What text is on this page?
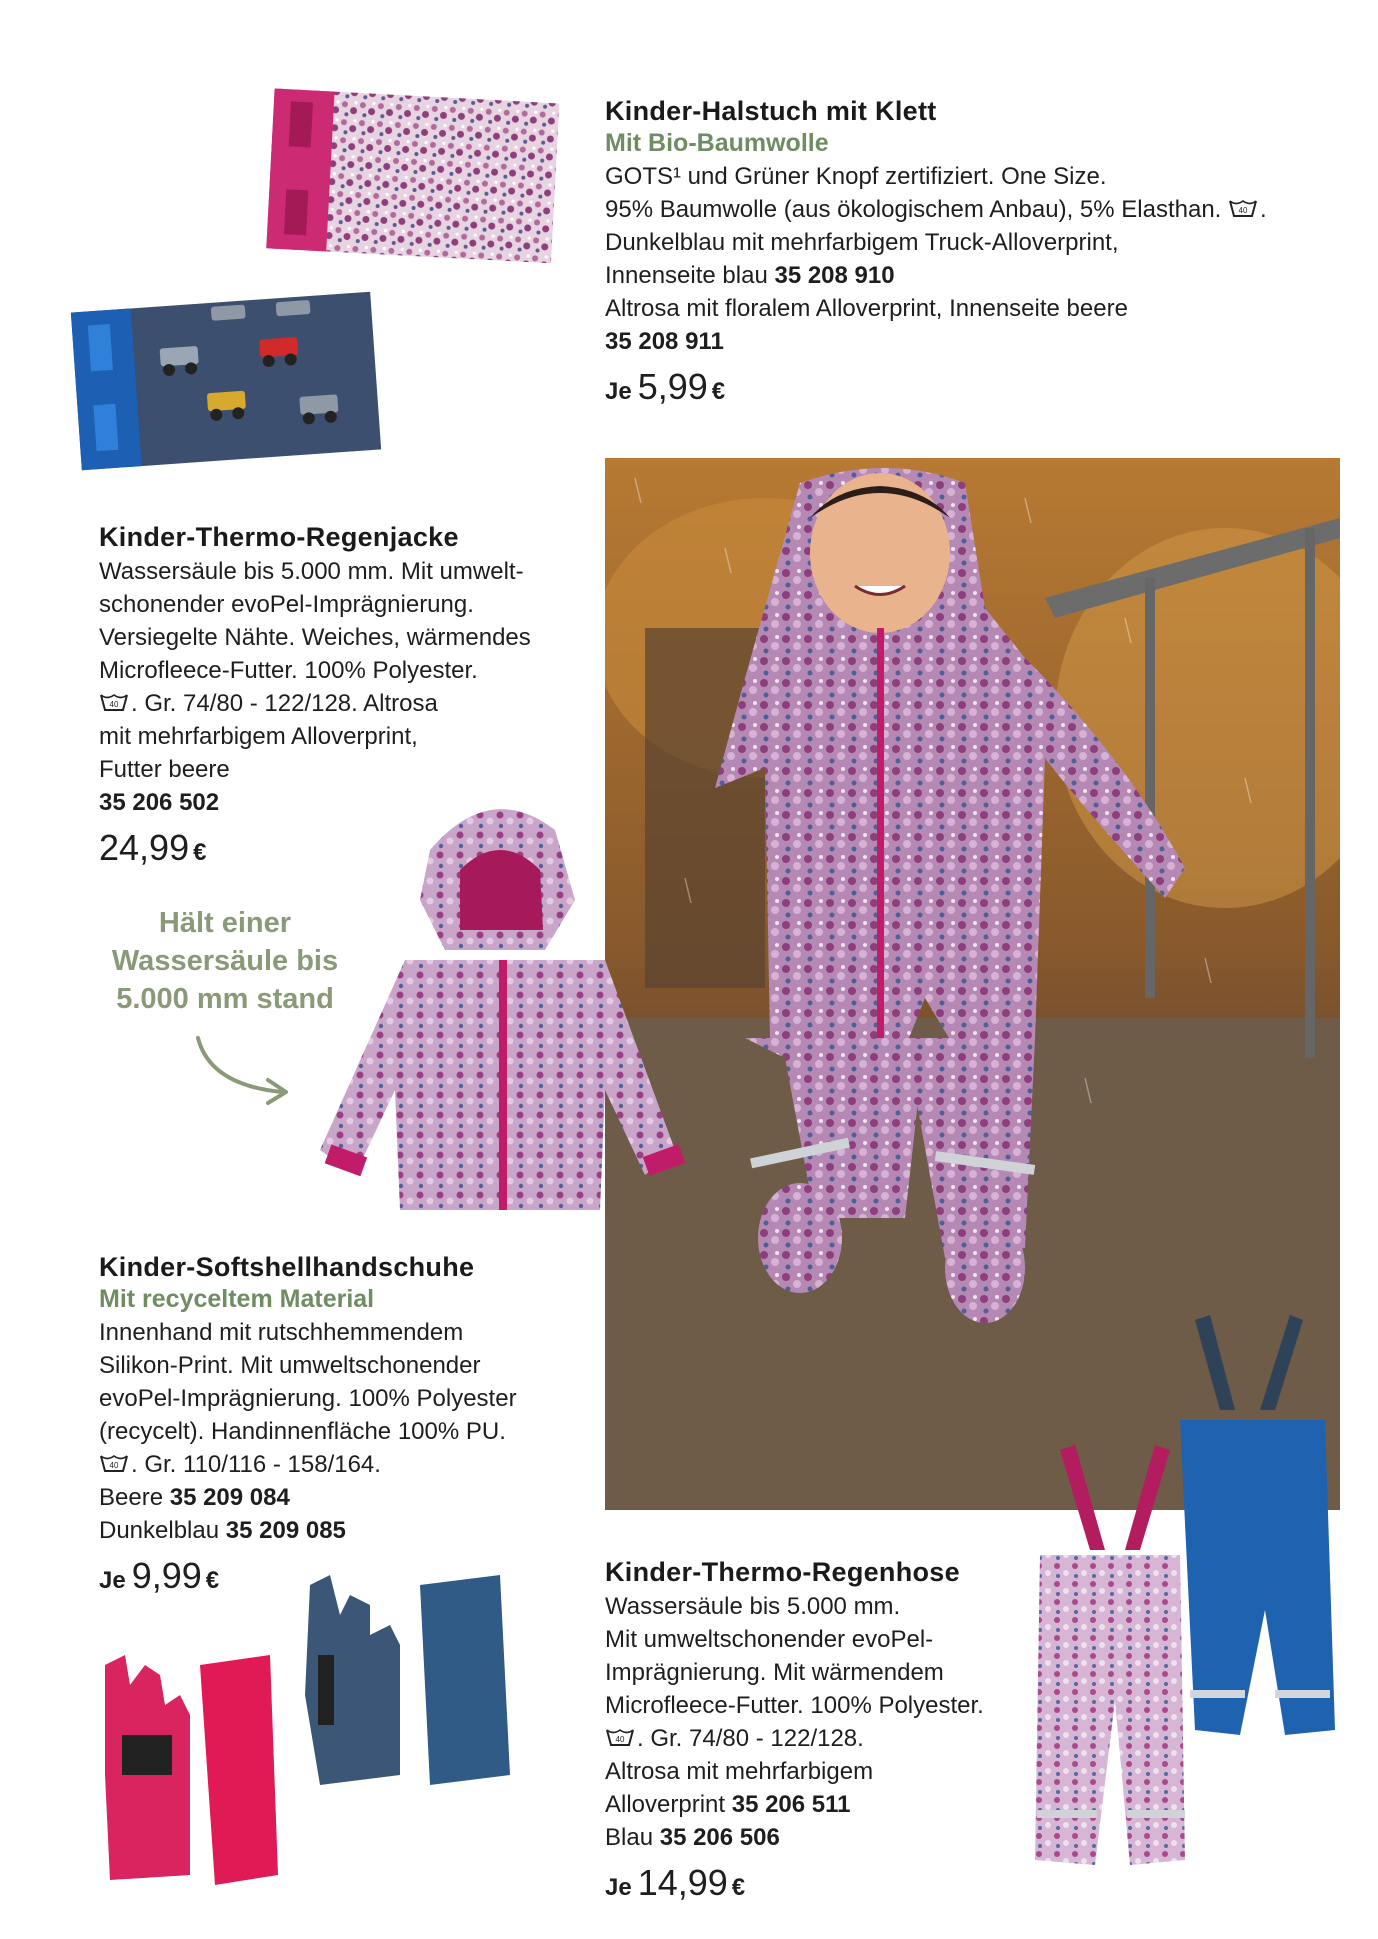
Kinder-Halstuch mit Klett
Mit Bio-Baumwolle
GOTS¹ und Grüner Knopf zertifiziert. One Size.
95% Baumwolle (aus ökologischem Anbau), 5% Elasthan. 40 .
Dunkelblau mit mehrfarbigem Truck-Alloverprint,
Innenseite blau 35 208 910
Altrosa mit floralem Alloverprint, Innenseite beere
35 208 911
Je 5,99 €
Kinder-Thermo-Regenjacke
Wassersäule bis 5.000 mm. Mit umwelt-
schonender evoPel-Imprägnierung.
Versiegelte Nähte. Weiches, wärmendes
Microfleece-Futter. 100% Polyester.
40 . Gr. 74/80 - 122/128. Altrosa
mit mehrfarbigem Alloverprint,
Futter beere
35 206 502
24,99 €
Hält einer
Wassersäule bis
5.000 mm stand
Kinder-Softshellhandschuhe
Mit recyceltem Material
Innenhand mit rutschhemmendem
Silikon-Print. Mit umweltschonender
evoPel-Imprägnierung. 100% Polyester
(recycelt). Handinnenfläche 100% PU.
40 . Gr. 110/116 - 158/164.
Beere 35 209 084
Dunkelblau 35 209 085
Je 9,99 €	Kinder-Thermo-Regenhose
Wassersäule bis 5.000 mm.
Mit umweltschonender evoPel-
Imprägnierung. Mit wärmendem
Microfleece-Futter. 100% Polyester.
40 . Gr. 74/80 - 122/128.
Altrosa mit mehrfarbigem
Alloverprint 35 206 511
Blau 35 206 506
Je 14,99 €
